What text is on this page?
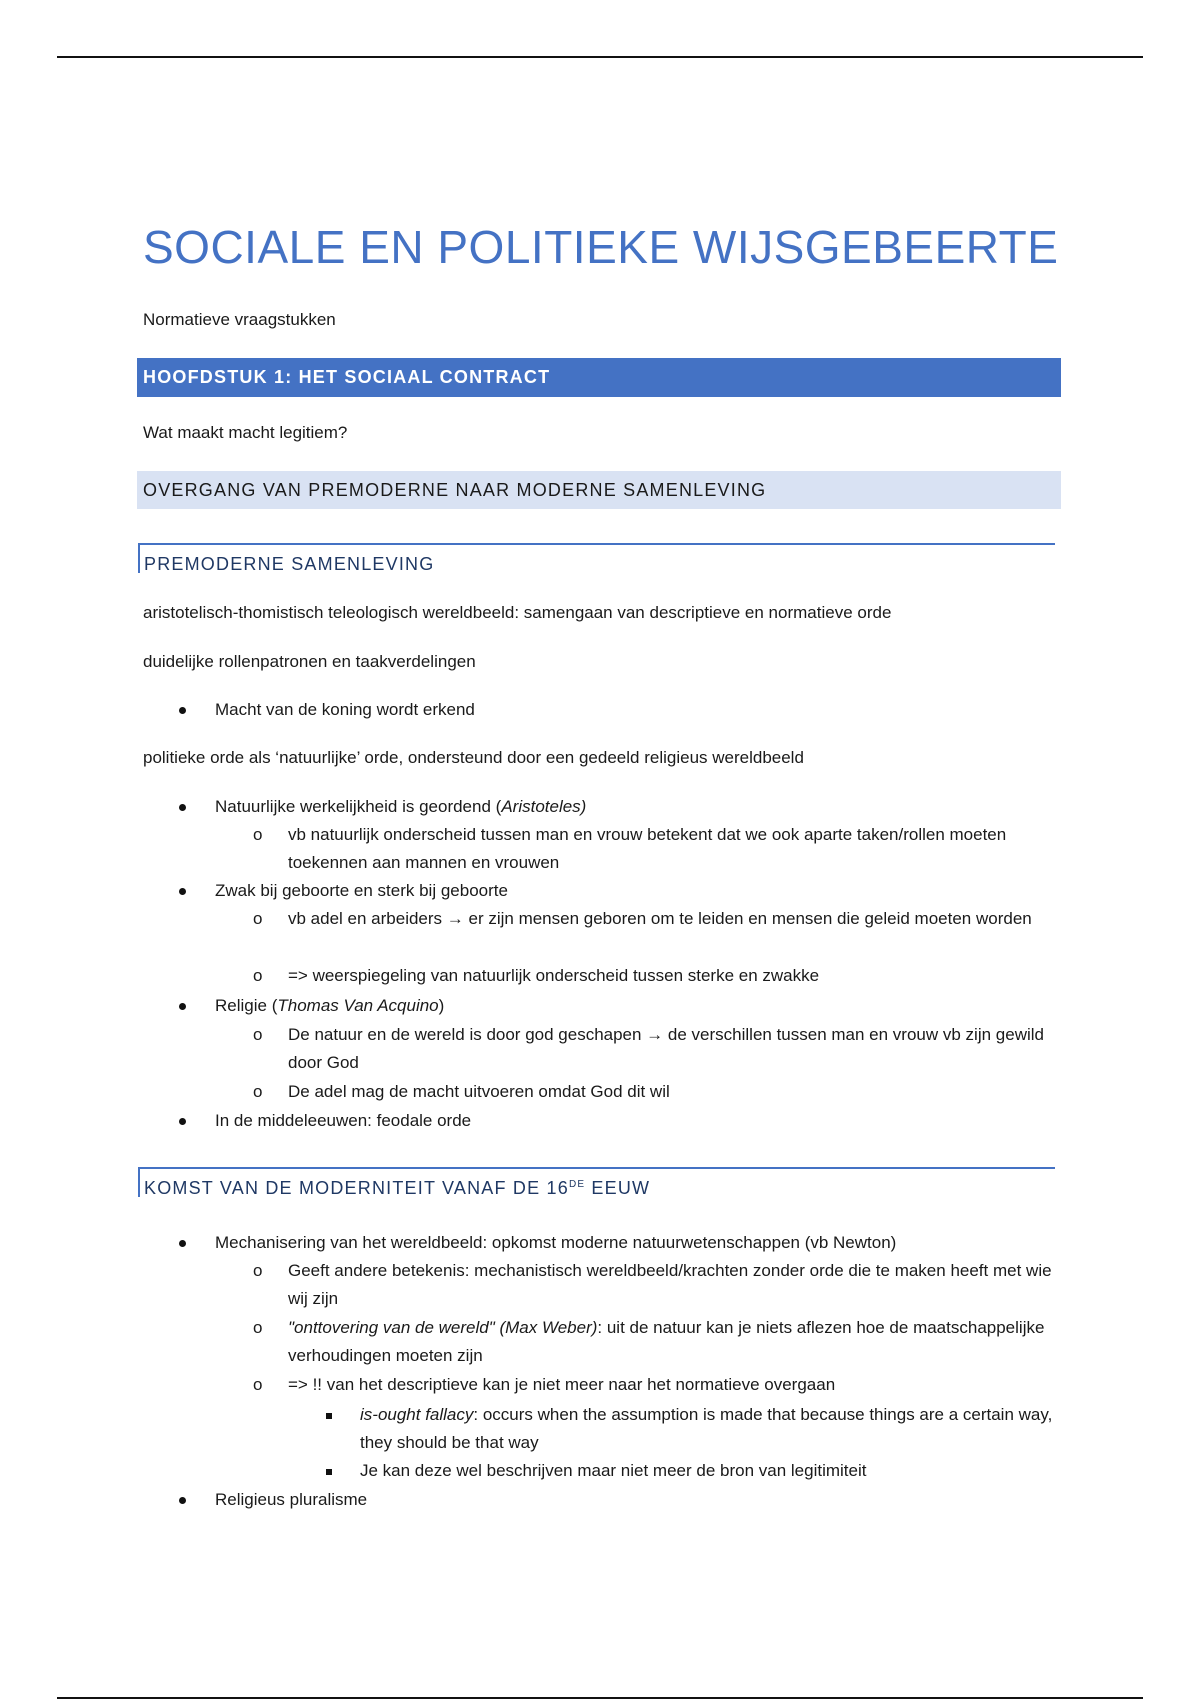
SOCIALE EN POLITIEKE WIJSGEBEERTE

Normatieve vraagstukken

HOOFDSTUK 1: HET SOCIAAL CONTRACT

Wat maakt macht legitiem?

OVERGANG VAN PREMODERNE NAAR MODERNE SAMENLEVING
PREMODERNE SAMENLEVING

aristotelisch-thomistisch teleologisch wereldbeeld: samengaan van descriptieve en normatieve orde

duidelijke rollenpatronen en taakverdelingen

Macht van de koning wordt erkend

politieke orde als ‘natuurlijke’ orde, ondersteund door een gedeeld religieus wereldbeeld

Natuurlijke werkelijkheid is geordend (Aristoteles)

o vb natuurlijk onderscheid tussen man en vrouw betekent dat we ook aparte taken/rollen moeten toekennen aan mannen en vrouwen

Zwak bij geboorte en sterk bij geboorte

o vb adel en arbeiders → er zijn mensen geboren om te leiden en mensen die geleid moeten worden

o => weerspiegeling van natuurlijk onderscheid tussen sterke en zwakke

Religie (Thomas Van Acquino)

o De natuur en de wereld is door god geschapen → de verschillen tussen man en vrouw vb zijn gewild door God

o De adel mag de macht uitvoeren omdat God dit wil

In de middeleeuwen: feodale orde

KOMST VAN DE MODERNITEIT VANAF DE 16DE EEUW

Mechanisering van het wereldbeeld: opkomst moderne natuurwetenschappen (vb Newton)

o Geeft andere betekenis: mechanistisch wereldbeeld/krachten zonder orde die te maken heeft met wie wij zijn

o "onttovering van de wereld" (Max Weber): uit de natuur kan je niets aflezen hoe de maatschappelijke verhoudingen moeten zijn

o => !! van het descriptieve kan je niet meer naar het normatieve overgaan

is-ought fallacy: occurs when the assumption is made that because things are a certain way, they should be that way

Je kan deze wel beschrijven maar niet meer de bron van legitimiteit

Religieus pluralisme
